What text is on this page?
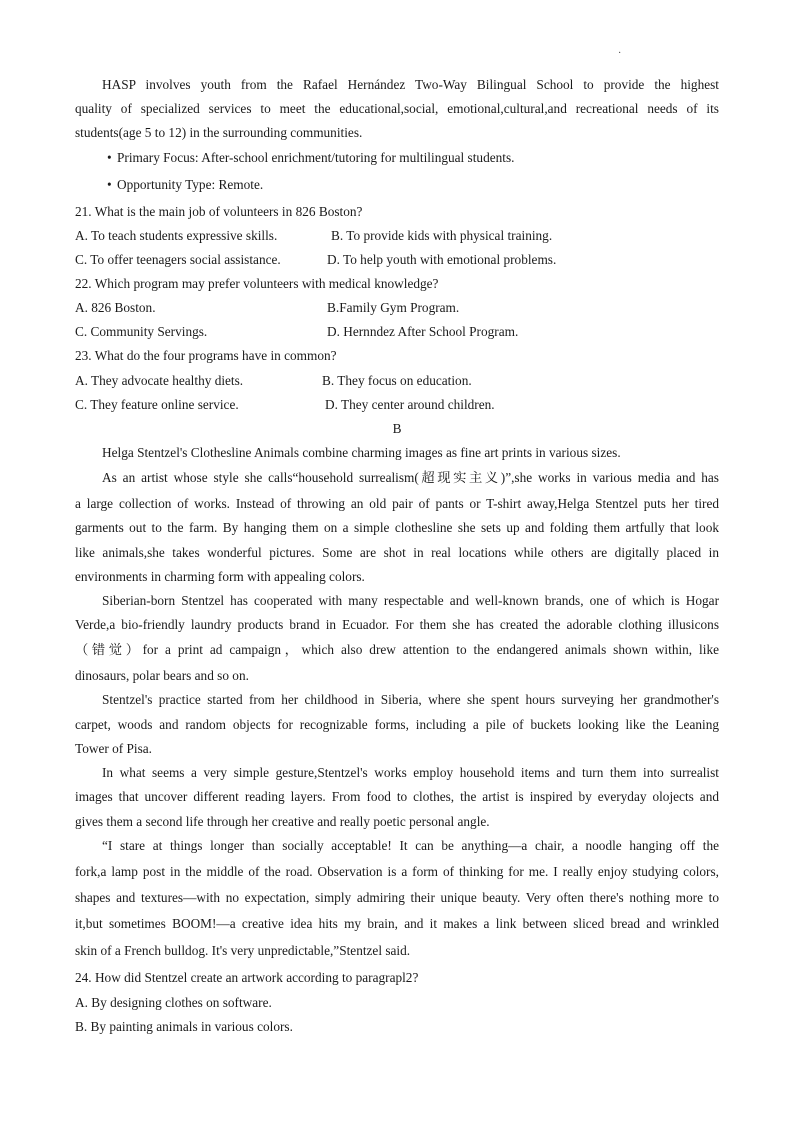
·
HASP involves youth from the Rafael Hernández Two-Way Bilingual School to provide the highest
quality of specialized services to meet the educational,social, emotional,cultural,and recreational needs of its
students(age 5 to 12) in the surrounding communities.
• Primary Focus: After-school enrichment/tutoring for multilingual students.
• Opportunity Type: Remote.
21. What is the main job of volunteers in 826 Boston?
A. To teach students expressive skills.	B. To provide kids with physical training.
C. To offer teenagers social assistance.	D. To help youth with emotional problems.
22. Which program may prefer volunteers with medical knowledge?
A. 826 Boston.	B.Family Gym Program.
C. Community Servings.	D. Hernndez After School Program.
23. What do the four programs have in common?
A. They advocate healthy diets.	B. They focus on education.
C. They feature online service.	D. They center around children.
B
Helga Stentzel's Clothesline Animals combine charming images as fine art prints in various sizes.
As an artist whose style she calls“household surrealism(超现实主义)”,she works in various media and has
a large collection of works. Instead of throwing an old pair of pants or T-shirt away,Helga Stentzel puts her tired
garments out to the farm. By hanging them on a simple clothesline she sets up and folding them artfully that look
like animals,she takes wonderful pictures. Some are shot in real locations while others are digitally placed in
environments in charming form with appealing colors.
Siberian-born Stentzel has cooperated with many respectable and well-known brands, one of which is Hogar
Verde,a bio-friendly laundry products brand in Ecuador. For them she has created the adorable clothing illusicons
（错觉）for a print ad campaign，which also drew attention to the endangered animals shown within, like
dinosaurs, polar bears and so on.
Stentzel's practice started from her childhood in Siberia, where she spent hours surveying her grandmother's
carpet, woods and random objects for recognizable forms, including a pile of buckets looking like the Leaning
Tower of Pisa.
In what seems a very simple gesture,Stentzel's works employ household items and turn them into surrealist
images that uncover different reading layers. From food to clothes, the artist is inspired by everyday olojects and
gives them a second life through her creative and really poetic personal angle.
“I stare at things longer than socially acceptable! It can be anything—a chair, a noodle hanging off the
fork,a lamp post in the middle of the road. Observation is a form of thinking for me. I really enjoy studying colors,
shapes and textures—with no expectation, simply admiring their unique beauty. Very often there's nothing more to
it,but sometimes BOOM!—a creative idea hits my brain, and it makes a link between sliced bread and wrinkled
skin of a French bulldog. It's very unpredictable,”Stentzel said.
24. How did Stentzel create an artwork according to paragrapl2?
A. By designing clothes on software.
B. By painting animals in various colors.
